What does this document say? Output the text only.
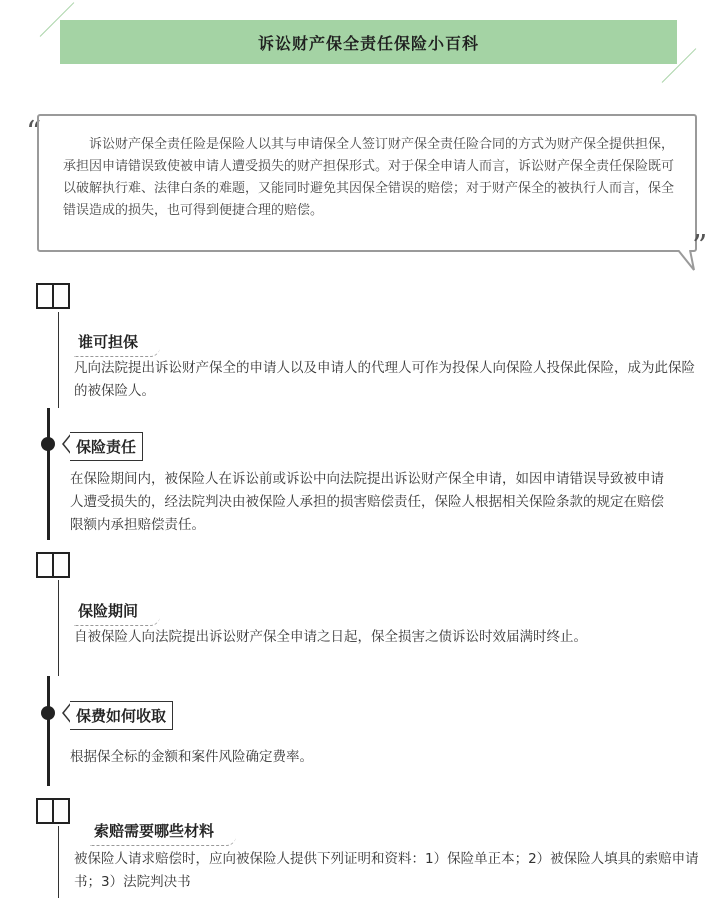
诉讼财产保全责任保险小百科
“	诉讼财产保全责任险是保险人以其与申请保全人签订财产保全责任险合同的方式为财产保全提供担保，承担因申请错误致使被申请人遭受损失的财产担保形式。对于保全申请人而言，诉讼财产保全责任保险既可以破解执行难、法律白条的难题，又能同时避免其因保全错误的赔偿；对于财产保全的被执行人而言，保全错误造成的损失，也可得到便捷合理的赔偿。

”
谁可担保
凡向法院提出诉讼财产保全的申请人以及申请人的代理人可作为投保人向保险人投保此保险，成为此保险的被保险人。
保险责任
在保险期间内，被保险人在诉讼前或诉讼中向法院提出诉讼财产保全申请，如因申请错误导致被申请人遭受损失的，经法院判决由被保险人承担的损害赔偿责任，保险人根据相关保险条款的规定在赔偿限额内承担赔偿责任。
保险期间
自被保险人向法院提出诉讼财产保全申请之日起，保全损害之债诉讼时效届满时终止。
保费如何收取
根据保全标的金额和案件风险确定费率。
索赔需要哪些材料
被保险人请求赔偿时，应向被保险人提供下列证明和资料：1）保险单正本；2）被保险人填具的索赔申请书；3）法院判决书
